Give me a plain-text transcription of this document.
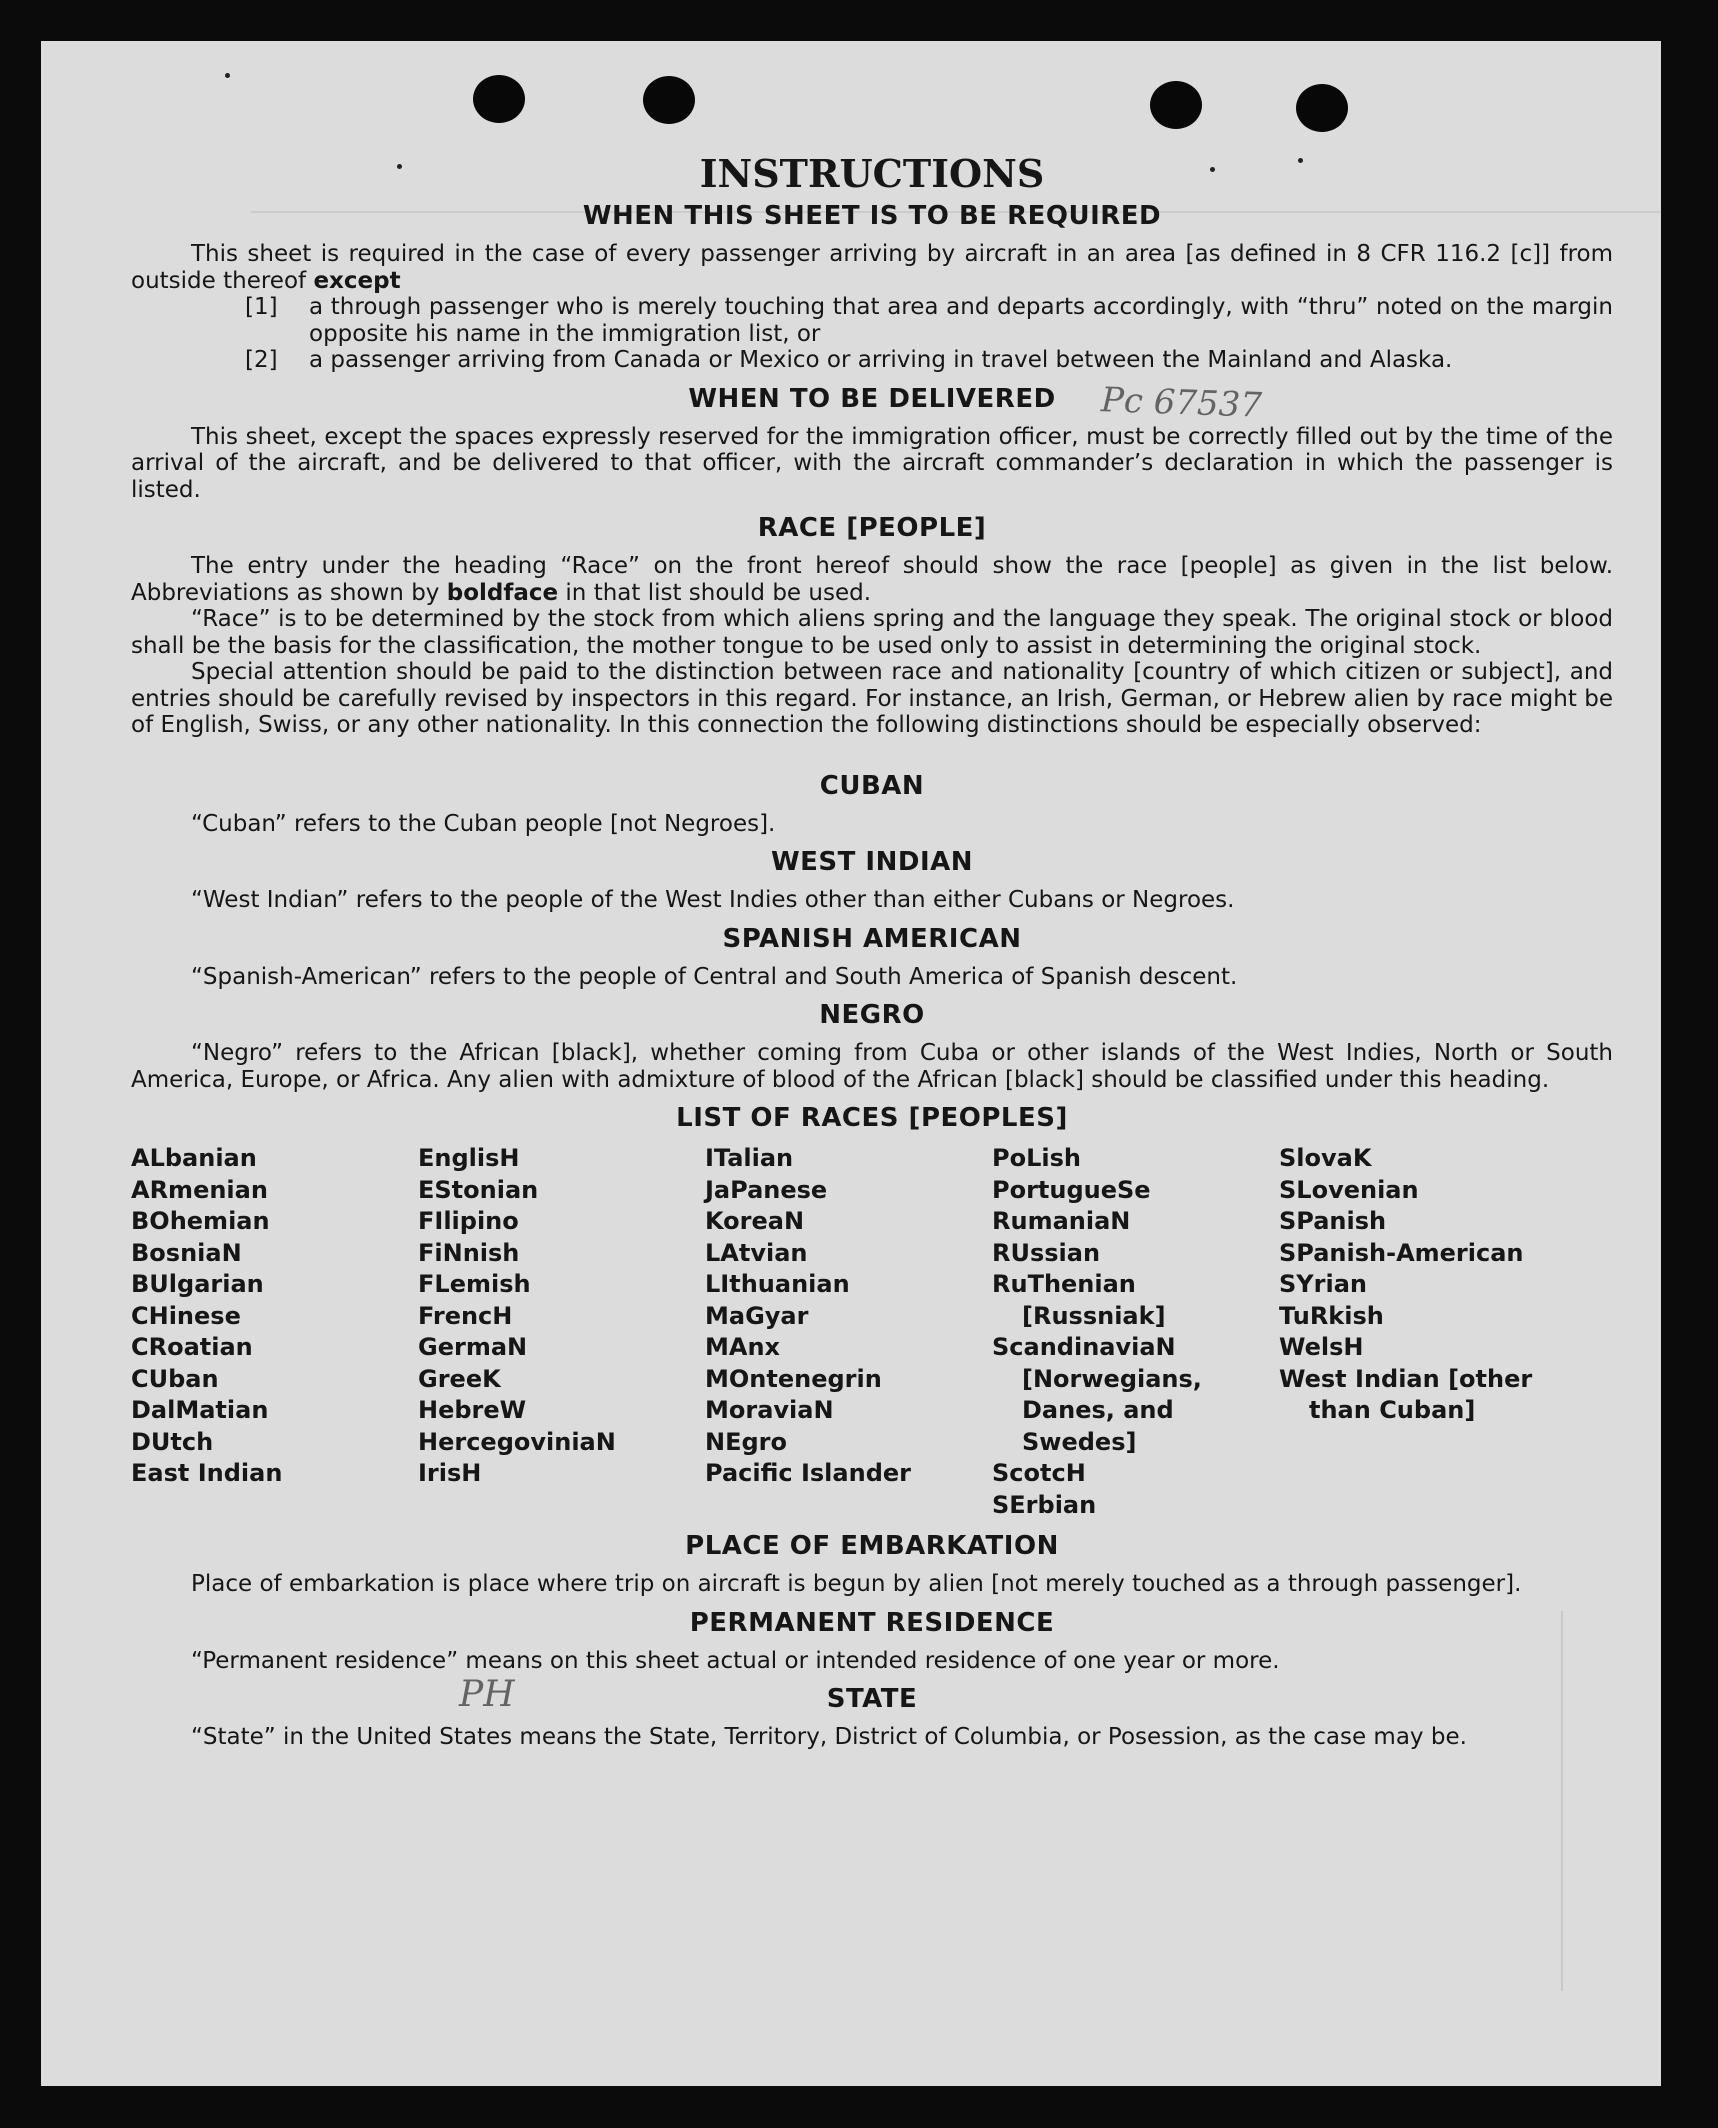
Pc 67537
PH
INSTRUCTIONS
WHEN THIS SHEET IS TO BE REQUIRED

This sheet is required in the case of every passenger arriving by aircraft in an area [as defined in 8 CFR 116.2 [c]] from outside thereof except

[1]	a through passenger who is merely touching that area and departs accordingly, with “thru” noted on the margin opposite his name in the immigration list, or
[2]	a passenger arriving from Canada or Mexico or arriving in travel between the Mainland and Alaska.
WHEN TO BE DELIVERED

This sheet, except the spaces expressly reserved for the immigration officer, must be correctly filled out by the time of the arrival of the aircraft, and be delivered to that officer, with the aircraft commander’s declaration in which the passenger is listed.

RACE [PEOPLE]

The entry under the heading “Race” on the front hereof should show the race [people] as given in the list below. Abbreviations as shown by boldface in that list should be used.

“Race” is to be determined by the stock from which aliens spring and the language they speak. The original stock or blood shall be the basis for the classification, the mother tongue to be used only to assist in determining the original stock.

Special attention should be paid to the distinction between race and nationality [country of which citizen or subject], and entries should be carefully revised by inspectors in this regard. For instance, an Irish, German, or Hebrew alien by race might be of English, Swiss, or any other nationality. In this connection the following distinctions should be especially observed:

CUBAN

“Cuban” refers to the Cuban people [not Negroes].

WEST INDIAN

“West Indian” refers to the people of the West Indies other than either Cubans or Negroes.

SPANISH AMERICAN

“Spanish-American” refers to the people of Central and South America of Spanish descent.

NEGRO

“Negro” refers to the African [black], whether coming from Cuba or other islands of the West Indies, North or South America, Europe, or Africa. Any alien with admixture of blood of the African [black] should be classified under this heading.

LIST OF RACES [PEOPLES]
ALbanian
ARmenian
BOhemian
BosniaN
BUlgarian
CHinese
CRoatian
CUban
DalMatian
DUtch
East Indian
EnglisH
EStonian
FIlipino
FiNnish
FLemish
FrencH
GermaN
GreeK
HebreW
HercegovinіaN
IrisH
ITalian
JaPanese
KoreaN
LAtvian
LIthuanian
MaGyar
MAnx
MOntenegrin
MoraviaN
NEgro
Pacific Islander
PoLish
PortugueSe
RumaniaN
RUssian
RuThenian [Russniak]
ScandinaviaN [Norwegians, Danes, and Swedes]
ScotcH
SErbian
SlovaK
SLovenian
SPanish
SPanish-American
SYrian
TuRkish
WelsH
West Indian [other than Cuban]
PLACE OF EMBARKATION

Place of embarkation is place where trip on aircraft is begun by alien [not merely touched as a through passenger].

PERMANENT RESIDENCE

“Permanent residence” means on this sheet actual or intended residence of one year or more.

STATE

“State” in the United States means the State, Territory, District of Columbia, or Posession, as the case may be.
